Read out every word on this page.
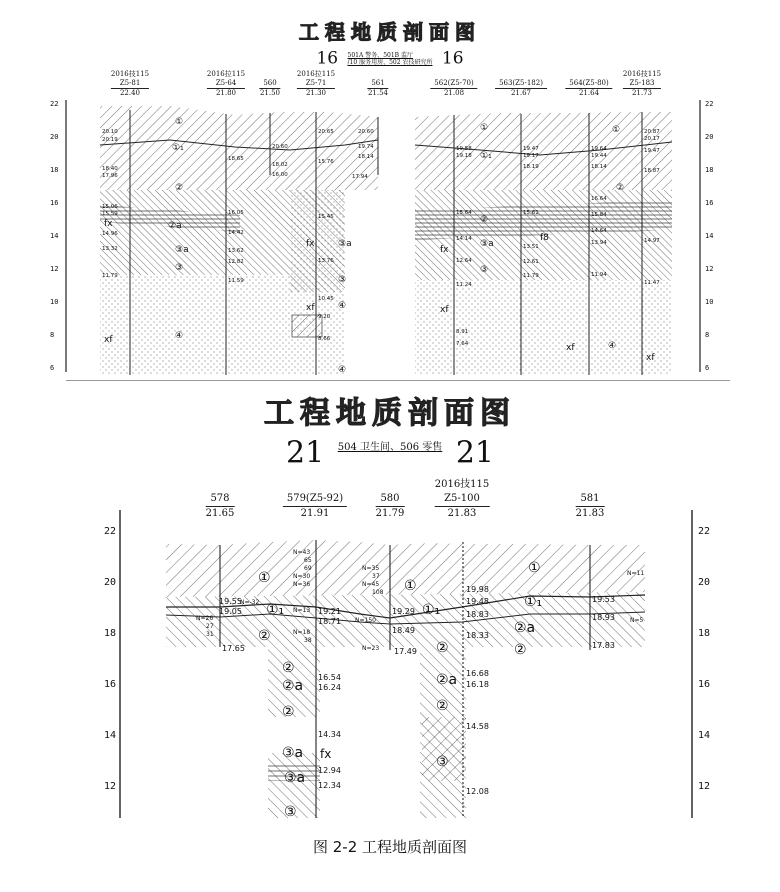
工程地质剖面图
16 501A 警务、501B 监厅
/10 服务用房、502 农技研究所 16
2016技115
Z5-81
22.40
2016拉115
Z5-64
21.80
560
21.50
2016拉115
Z5-71
21.30
561
21.54
562(Z5-70)
21.08
563(Z5-182)
21.67
564(Z5-80)
21.64
2016技115
Z5-183
21.73
22
20
18
16
14
12
10
8
6
22
20
18
16
14
12
10
8
6
20.10
20.19
18.40
17.96
15.06
15.59
13.32
14.96
11.79
18.65
16.05
14.42
13.62
12.82
11.59
20.65
20.60
18.02
16.00
15.76
15.45
13.76
10.45
9.20
8.66
20.60
19.74
18.14
17.94
19.58
19.18
15.64
14.14
12.64
11.24
8.91
7.64
19.47
19.17
18.19
15.61
13.51
12.61
11.79
19.64
19.44
18.14
16.64
15.84
14.64
13.94
11.94
20.87
20.17
19.47
18.87
14.97
11.47
①
①₁
②
②a
③a
③
④
fx
xf
③a
③
④
④
fx
xf
①
①₁
②
③a
③
fx
xf
f8
xf
①
②
④
xf
工程地质剖面图
21 504 卫生间、506 零售 21
578
21.65
579(Z5-92)
21.91
580
21.79
2016技115
Z5-100
21.83
581
21.83
22
20
18
16
14
12
22
20
18
16
14
12
19.55
19.05
17.65
19.21
18.71
16.54
16.24
14.34
12.94
12.34
19.29
18.49
17.49
19.98
19.48
18.83
18.33
16.68
16.18
14.58
12.08
19.53
18.93
17.83
N=43
65
69
N=30
N=36
N=-32
N=13
N=18
38
N=35
37
N=45
108
N=150
N=23
N=26
27
31
N=11
N=5
①	①
①
①₁	①₁	①₁
②
②
②
②
②
②a
②
②a	②a
③
③a
③a
③
fx
图 2-2 工程地质剖面图
